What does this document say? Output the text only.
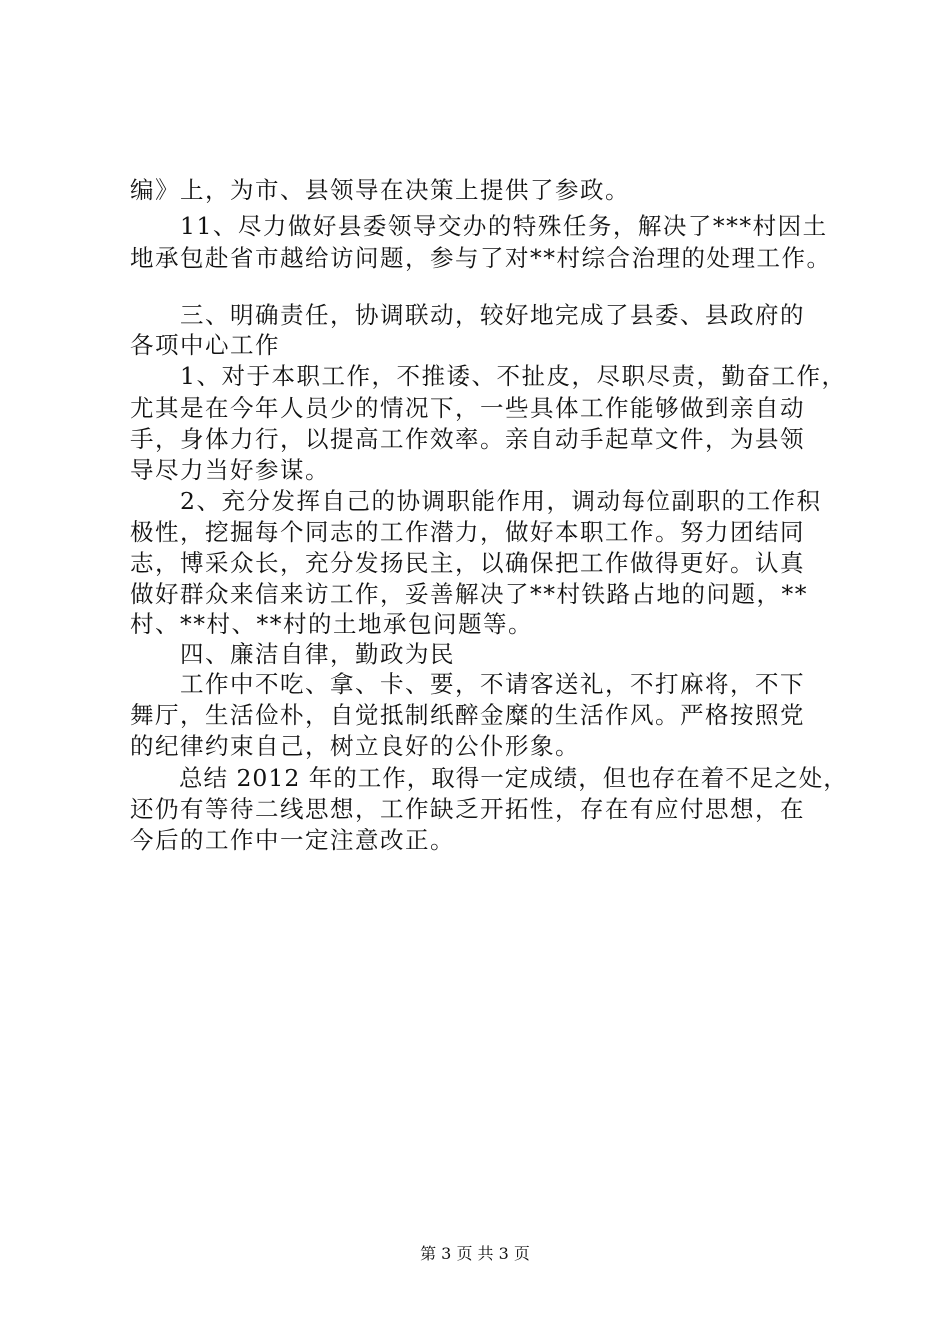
编》上，为市、县领导在决策上提供了参政。
　　11、尽力做好县委领导交办的特殊任务，解决了***村因土
地承包赴省市越给访问题，参与了对**村综合治理的处理工作。
　　三、明确责任，协调联动，较好地完成了县委、县政府的
各项中心工作
　　1、对于本职工作，不推诿、不扯皮，尽职尽责，勤奋工作，
尤其是在今年人员少的情况下，一些具体工作能够做到亲自动
手，身体力行，以提高工作效率。亲自动手起草文件，为县领
导尽力当好参谋。
　　2、充分发挥自己的协调职能作用，调动每位副职的工作积
极性，挖掘每个同志的工作潜力，做好本职工作。努力团结同
志，博采众长，充分发扬民主，以确保把工作做得更好。认真
做好群众来信来访工作，妥善解决了**村铁路占地的问题，**
村、**村、**村的土地承包问题等。
　　四、廉洁自律，勤政为民
　　工作中不吃、拿、卡、要，不请客送礼，不打麻将，不下
舞厅，生活俭朴，自觉抵制纸醉金糜的生活作风。严格按照党
的纪律约束自己，树立良好的公仆形象。
　　总结 2012 年的工作，取得一定成绩，但也存在着不足之处，
还仍有等待二线思想，工作缺乏开拓性，存在有应付思想，在
今后的工作中一定注意改正。
第 3 页 共 3 页
